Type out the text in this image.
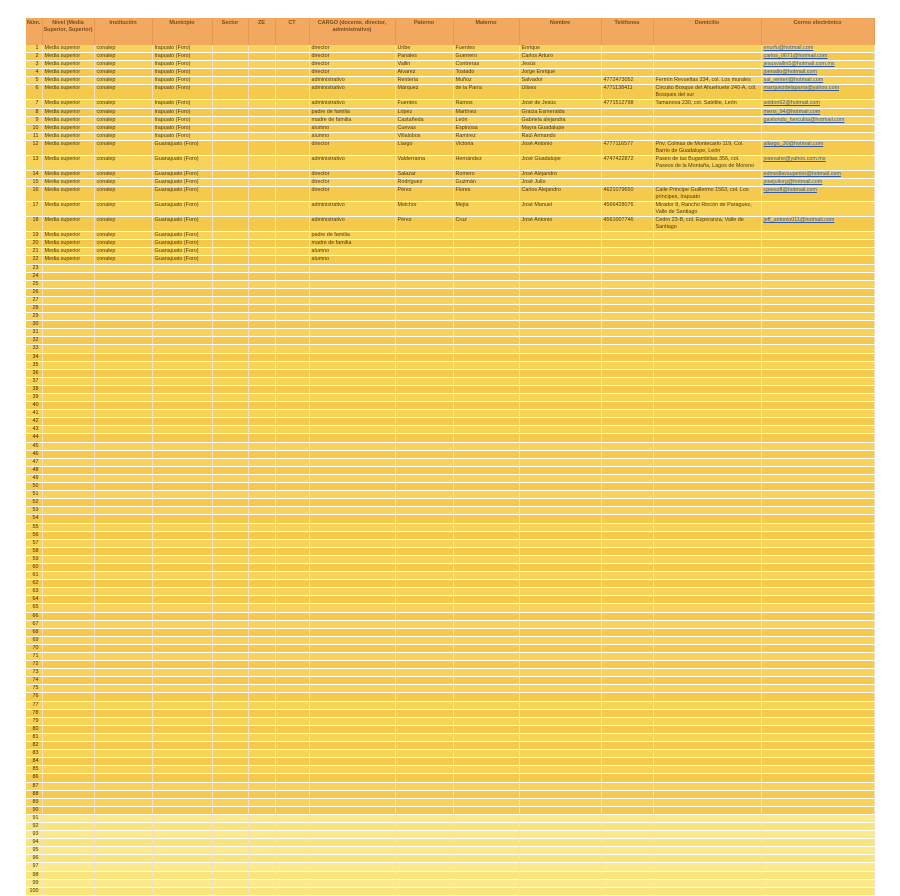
Núm.	Nivel (Media Superior, Superior)	Institución	Municipio	Sector	ZE	CT	CARGO (docente, director, administrativo)	Paterno	Materno	Nombre	Teléfonos	Domicilio	Correo electrónico
1	Media superior	conalep	Irapuato (Foro)				director	Uribe	Fuentes	Enrique			enurfu@hotmail.com
2	Media superior	conalep	Irapuato (Foro)				director	Panales	Guerrero	Carlos Arturo			carlos_0671@hotmail.com
3	Media superior	conalep	Irapuato (Foro)				director	Vallin	Contreras	Jesús			jesusvallin5@hotmail.com.mx
4	Media superior	conalep	Irapuato (Foro)				director	Álvarez	Tostado	Jorge Enrique			joenalto@hotmail.com
5	Media superior	conalep	Irapuato (Foro)				administrativo	Rentería	Muñoz	Salvador	4772473052	Fermín Revueltas 334, col. Los murales	sal_renteri@hotmail.com
6	Media superior	conalep	Irapuato (Foro)				administrativo	Márquez	de la Parra	Ulises	4771138411	Circuito Bosque del Ahuehuete 240-A, col. Bosques del sur	marquezdelaparra@yahoo.com
7	Media superior	conalep	Irapuato (Foro)				administrativo	Fuentes	Ramos	José de Jesús	4771512798	Tamanova 230, col. Satélite, León	soldon62@hotmail.com
8	Media superior	conalep	Irapuato (Foro)				padre de familia	López	Martínez	Gracia Esmeralda			meris_94@hotmail.com
9	Media superior	conalep	Irapuato (Foro)				madre de familia	Castañeda	León	Gabriela alejandra			gavilondo_herculita@hotmail.com
10	Media superior	conalep	Irapuato (Foro)				alumno	Cuevas	Espinosa	Mayra Guadalupe			
11	Media superior	conalep	Irapuato (Foro)				alumno	Villalobos	Ramírez	Raúl Armando			
12	Media superior	conalep	Guanajuato (Foro)				director	Llargo	Victoria	José Antonio	4777116577	Priv. Colinas de Montecarlo 119, Col. Barrio de Guadalupe, León	allargo_30@hotmail.com
13	Media superior	conalep	Guanajuato (Foro)				administrativo	Valderrama	Hernández	José Guadalupe	4747422872	Paseo de las Bugambilias 356, col. Paseos de la Montaña, Lagos de Moreno	josevahe@yahoo.com.mx
14	Media superior	conalep	Guanajuato (Foro)				director	Salazar	Romero	José Alejandro			edmedlavsuperior@hotmail.com
15	Media superior	conalep	Guanajuato (Foro)				director	Rodríguez	Guzmán	José Julio			josejuliorg@hotmail.com
16	Media superior	conalep	Guanajuato (Foro)				director	Pérez	Flores	Carlos Alejandro	4621079650	Calle Príncipe Guillermo 1563, col. Los príncipes, Irapuato	cperezfl@hotmail.com
17	Media superior	conalep	Guanajuato (Foro)				administrativo	Melchor	Mejía	José Manuel	4566428076	Mirador 8, Rancho Rincón de Paraguez, Valle de Santiago	
18	Media superior	conalep	Guanajuato (Foro)				administrativo	Pérez	Cruz	José Antonio	4561007746	Cedro 23-B, col. Esperanza, Valle de Santiago	jeff_antonio011@hotmail.com
19	Media superior	conalep	Guanajuato (Foro)				padre de familia						
20	Media superior	conalep	Guanajuato (Foro)				madre de familia						
21	Media superior	conalep	Guanajuato (Foro)				alumno						
22	Media superior	conalep	Guanajuato (Foro)				alumno						
23													
24													
25													
26													
27													
28													
29													
30													
31													
32													
33													
34													
35													
36													
37													
38													
39													
40													
41													
42													
43													
44													
45													
46													
47													
48													
49													
50													
51													
52													
53													
54													
55													
56													
57													
58													
59													
60													
61													
62													
63													
64													
65													
66													
67													
68													
69													
70													
71													
72													
73													
74													
75													
76													
77													
78													
79													
80													
81													
82													
83													
84													
85													
86													
87													
88													
89													
90													
91													
92													
93													
94													
95													
96													
97													
98													
99													
100													
